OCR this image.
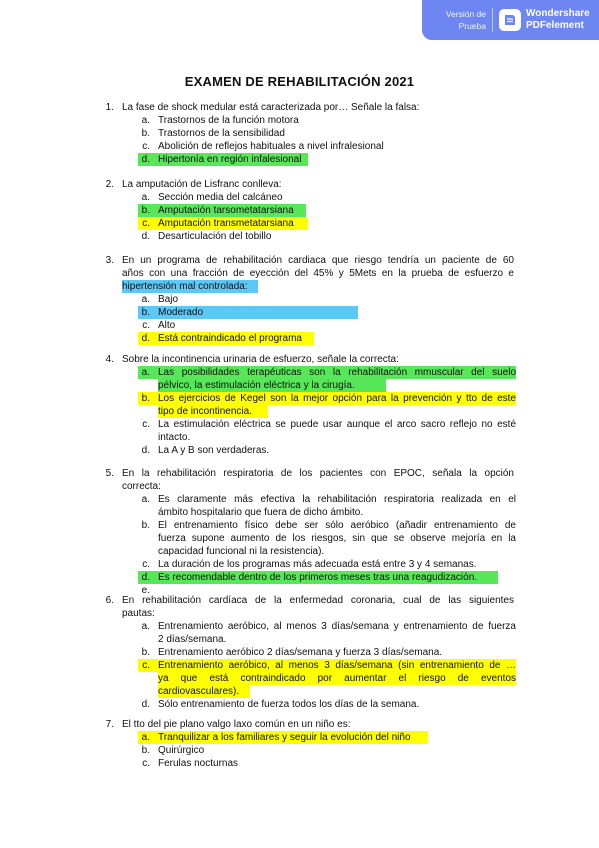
Versión de
Prueba
Wondershare
PDFelement
EXAMEN DE REHABILITACIÓN 2021
1. La fase de shock medular está caracterizada por… Señale la falsa:
a. Trastornos de la función motora
b. Trastornos de la sensibilidad
c. Abolición de reflejos habituales a nivel infralesional
d. Hipertonía en región infalesional
2. La amputación de Lisfranc conlleva:
a. Sección media del calcáneo
b. Amputación tarsometatarsiana
c. Amputación transmetatarsiana
d. Desarticulación del tobillo
3. En un programa de rehabilitación cardiaca que riesgo tendría un paciente de 60
años con una fracción de eyección del 45% y 5Mets en la prueba de esfuerzo e
hipertensión mal controlada:
a. Bajo
b. Moderado
c. Alto
d. Está contraindicado el programa
4. Sobre la incontinencia urinaria de esfuerzo, señale la correcta:
Las posibilidades terapéuticas son la rehabilitación mmuscular del suelo
a.
pélvico, la estimulación eléctrica y la cirugía.
Los ejercicios de Kegel son la mejor opción para la prevención y tto de este
b.
tipo de incontinencia.
c. La estimulación eléctrica se puede usar aunque el arco sacro reflejo no esté
intacto.
d. La A y B son verdaderas.
5. En la rehabilitación respiratoria de los pacientes con EPOC, señala la opción
correcta:
a. Es claramente más efectiva la rehabilitación respiratoria realizada en el
ámbito hospitalario que fuera de dicho ámbito.
b. El entrenamiento físico debe ser sólo aeróbico (añadir entrenamiento de
fuerza supone aumento de los riesgos, sin que se observe mejoría en la
capacidad funcional ni la resistencia).
c. La duración de los programas más adecuada está entre 3 y 4 semanas.
d. Es recomendable dentro de los primeros meses tras una reagudización.
e.
6. En rehabilitación cardíaca de la enfermedad coronaria, cual de las siguientes
pautas:
a. Entrenamiento aeróbico, al menos 3 días/semana y entrenamiento de fuerza
2 días/semana.
b. Entrenamiento aeróbico 2 días/semana y fuerza 3 días/semana.
Entrenamiento aeróbico, al menos 3 días/semana (sin entrenamiento de …
ya que está contraindicado por aumentar el riesgo de eventos
c.
cardiovasculares).
d. Sólo entrenamiento de fuerza todos los días de la semana.
7. El tto del pie plano valgo laxo común en un niño es:
a. Tranquilizar a los familiares y seguir la evolución del niño
b. Quirúrgico
c. Ferulas nocturnas
